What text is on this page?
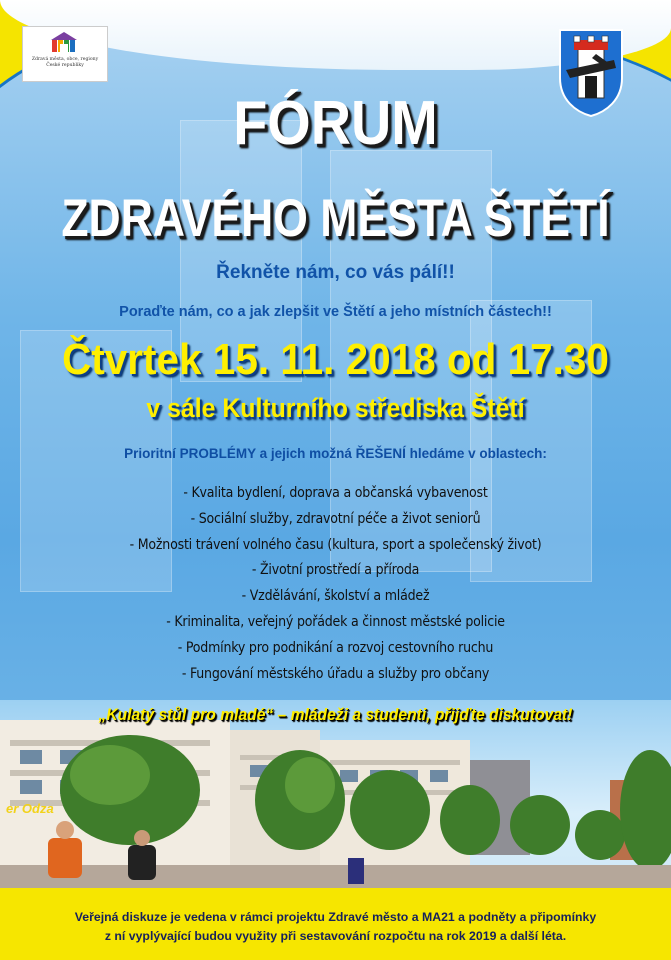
Zdravá města, obce, regiony
České republiky
FÓRUM
ZDRAVÉHO MĚSTA ŠTĚTÍ
Řekněte nám, co vás pálí!!
Poraďte nám, co a jak zlepšit ve Štětí a jeho místních částech!!
Čtvrtek 15. 11. 2018 od 17.30
v sále Kulturního střediska Štětí
Prioritní PROBLÉMY a jejich možná ŘEŠENÍ hledáme v oblastech:
- Kvalita bydlení, doprava a občanská vybavenost
- Sociální služby, zdravotní péče a život seniorů
- Možnosti trávení volného času (kultura, sport a společenský život)
- Životní prostředí a příroda
- Vzdělávání, školství a mládež
- Kriminalita, veřejný pořádek a činnost městské policie
- Podmínky pro podnikání a rozvoj cestovního ruchu
- Fungování městského úřadu a služby pro občany
er Odza
„Kulatý stůl pro mladé“ – mládeži a studenti, přijďte diskutovat!
Veřejná diskuze je vedena v rámci projektu Zdravé město a MA21 a podněty a připomínky
z ní vyplývající budou využity při sestavování rozpočtu na rok 2019 a další léta.
